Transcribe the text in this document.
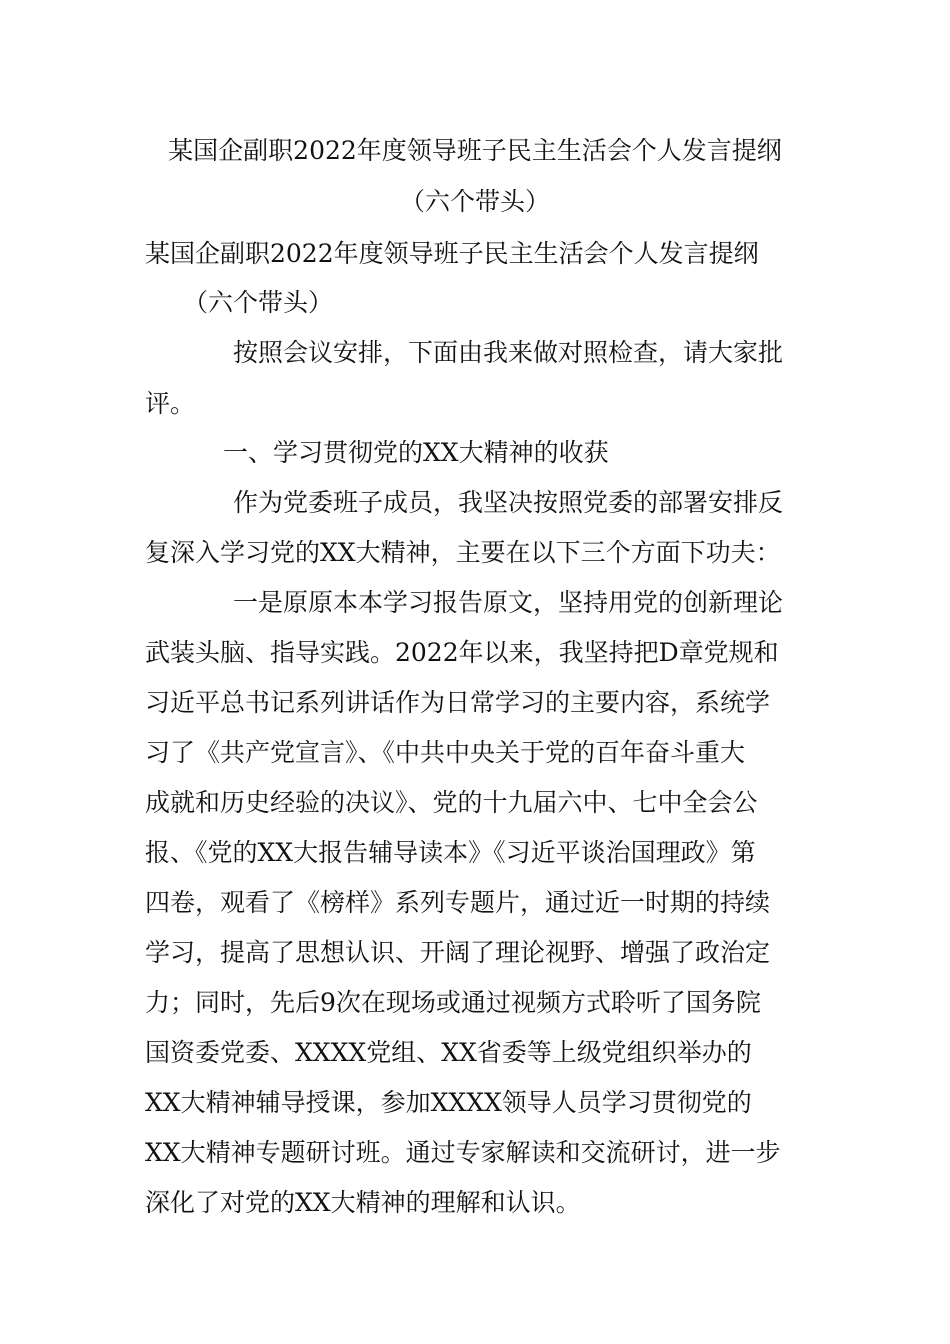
某国企副职2022年度领导班子民主生活会个人发言提纲
（六个带头）
某国企副职2022年度领导班子民主生活会个人发言提纲
（六个带头）
按照会议安排，下面由我来做对照检查，请大家批
评。
一、学习贯彻党的XX大精神的收获
作为党委班子成员，我坚决按照党委的部署安排反
复深入学习党的XX大精神，主要在以下三个方面下功夫：
一是原原本本学习报告原文，坚持用党的创新理论
武装头脑、指导实践。2022年以来，我坚持把D章党规和
习近平总书记系列讲话作为日常学习的主要内容，系统学
习了《共产党宣言》、《中共中央关于党的百年奋斗重大
成就和历史经验的决议》、党的十九届六中、七中全会公
报、《党的XX大报告辅导读本》《习近平谈治国理政》第
四卷，观看了《榜样》系列专题片，通过近一时期的持续
学习，提高了思想认识、开阔了理论视野、增强了政治定
力；同时，先后9次在现场或通过视频方式聆听了国务院
国资委党委、XXXX党组、XX省委等上级党组织举办的
XX大精神辅导授课，参加XXXX领导人员学习贯彻党的
XX大精神专题研讨班。通过专家解读和交流研讨，进一步
深化了对党的XX大精神的理解和认识。
